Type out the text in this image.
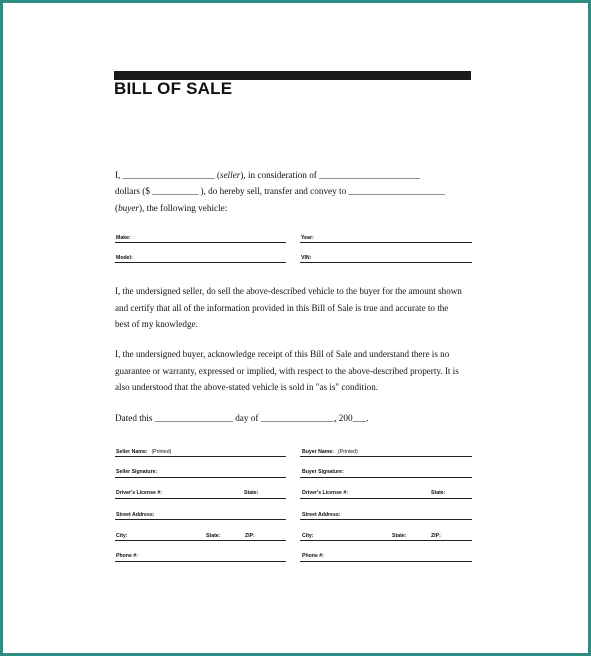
BILL OF SALE
I, ____________________ (seller), in consideration of ______________________
dollars ($ __________ ), do hereby sell, transfer and convey to _____________________
(buyer), the following vehicle:
Make:	Year:
Model:	VIN:
I, the undersigned seller, do sell the above-described vehicle to the buyer for the amount shown
and certify that all of the information provided in this Bill of Sale is true and accurate to the
best of my knowledge.
I, the undersigned buyer, acknowledge receipt of this Bill of Sale and understand there is no
guarantee or warranty, expressed or implied, with respect to the above-described property. It is
also understood that the above-stated vehicle is sold in "as is" condition.
Dated this _________________ day of ________________, 200___.
Seller Name: (Printed)
Seller Signature:
Driver's License #:	State:
Street Address:
City:	State:	ZIP:
Phone #:
Buyer Name: (Printed)
Buyer Signature:
Driver's License #:	State:
Street Address:
City:	State:	ZIP:
Phone #:
